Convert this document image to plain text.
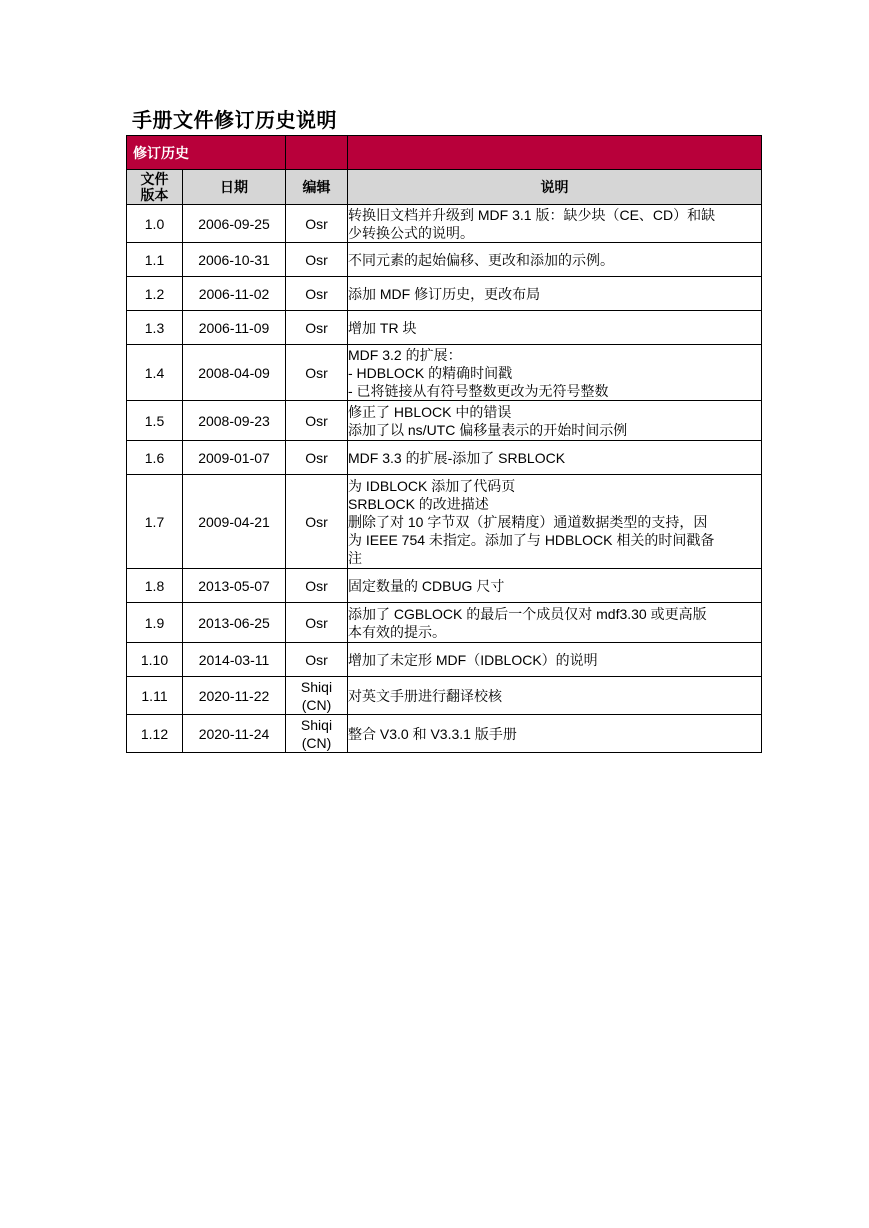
手册文件修订历史说明
修订历史			

文件
版本	日期	编辑	说明
1.0	2006-09-25	Osr	转换旧文档并升级到 MDF 3.1 版：缺少块（CE、CD）和缺
少转换公式的说明。

1.1	2006-10-31	Osr	不同元素的起始偏移、更改和添加的示例。

1.2	2006-11-02	Osr	添加 MDF 修订历史，更改布局

1.3	2006-11-09	Osr	增加 TR 块

1.4	2008-04-09	Osr	MDF 3.2 的扩展：
- HDBLOCK 的精确时间戳
- 已将链接从有符号整数更改为无符号整数

1.5	2008-09-23	Osr	修正了 HBLOCK 中的错误
添加了以 ns/UTC 偏移量表示的开始时间示例

1.6	2009-01-07	Osr	MDF 3.3 的扩展-添加了 SRBLOCK

1.7	2009-04-21	Osr	为 IDBLOCK 添加了代码页
SRBLOCK 的改进描述
删除了对 10 字节双（扩展精度）通道数据类型的支持，因
为 IEEE 754 未指定。添加了与 HDBLOCK 相关的时间戳备
注

1.8	2013-05-07	Osr	固定数量的 CDBUG 尺寸

1.9	2013-06-25	Osr	添加了 CGBLOCK 的最后一个成员仅对 mdf3.30 或更高版
本有效的提示。

1.10	2014-03-11	Osr	增加了未定形 MDF（IDBLOCK）的说明

1.11	2020-11-22	Shiqi
(CN)	对英文手册进行翻译校核

1.12	2020-11-24	Shiqi
(CN)	整合 V3.0 和 V3.3.1 版手册
